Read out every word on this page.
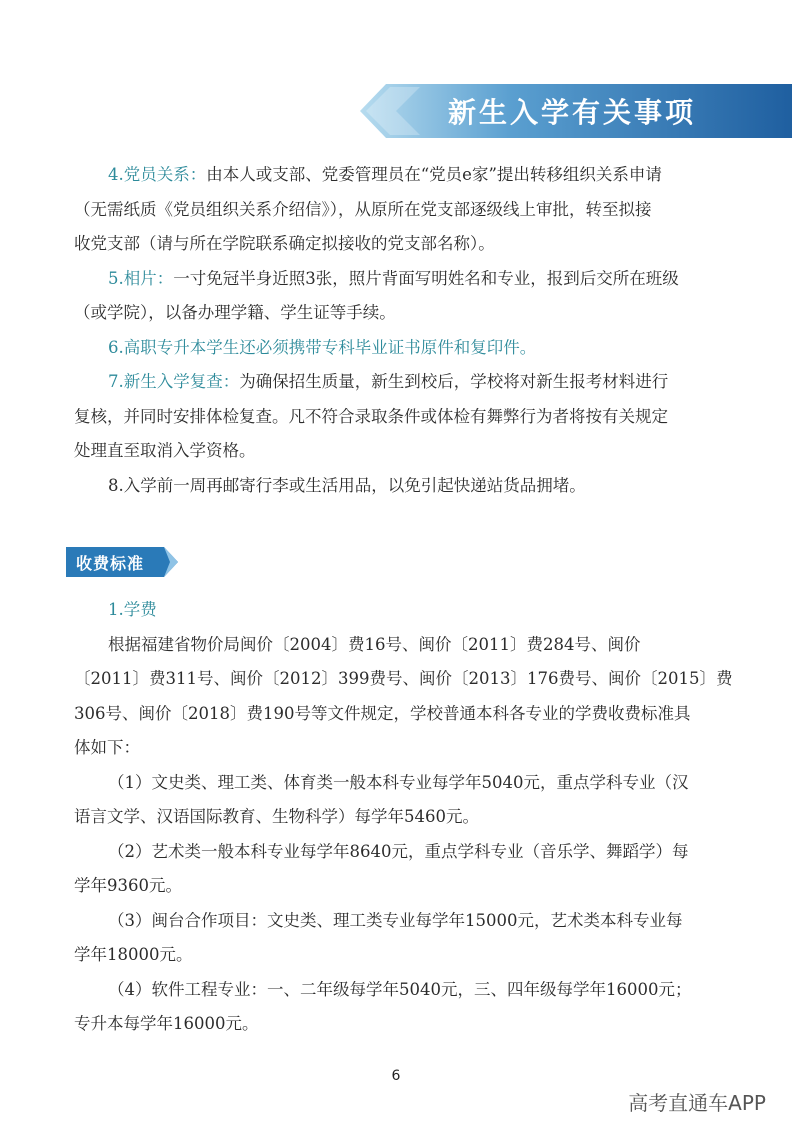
新生入学有关事项

4.党员关系：由本人或支部、党委管理员在“党员e家”提出转移组织关系申请

（无需纸质《党员组织关系介绍信》），从原所在党支部逐级线上审批，转至拟接

收党支部（请与所在学院联系确定拟接收的党支部名称）。

5.相片：一寸免冠半身近照3张，照片背面写明姓名和专业，报到后交所在班级

（或学院），以备办理学籍、学生证等手续。

6.高职专升本学生还必须携带专科毕业证书原件和复印件。

7.新生入学复查：为确保招生质量，新生到校后，学校将对新生报考材料进行

复核，并同时安排体检复查。凡不符合录取条件或体检有舞弊行为者将按有关规定

处理直至取消入学资格。

8.入学前一周再邮寄行李或生活用品，以免引起快递站货品拥堵。

收费标准

1.学费

根据福建省物价局闽价〔2004〕费16号、闽价〔2011〕费284号、闽价

〔2011〕费311号、闽价〔2012〕399费号、闽价〔2013〕176费号、闽价〔2015〕费

306号、闽价〔2018〕费190号等文件规定，学校普通本科各专业的学费收费标准具

体如下：

（1）文史类、理工类、体育类一般本科专业每学年5040元，重点学科专业（汉

语言文学、汉语国际教育、生物科学）每学年5460元。

（2）艺术类一般本科专业每学年8640元，重点学科专业（音乐学、舞蹈学）每

学年9360元。

（3）闽台合作项目：文史类、理工类专业每学年15000元，艺术类本科专业每

学年18000元。

（4）软件工程专业：一、二年级每学年5040元，三、四年级每学年16000元；

专升本每学年16000元。

6
高考直通车APP
